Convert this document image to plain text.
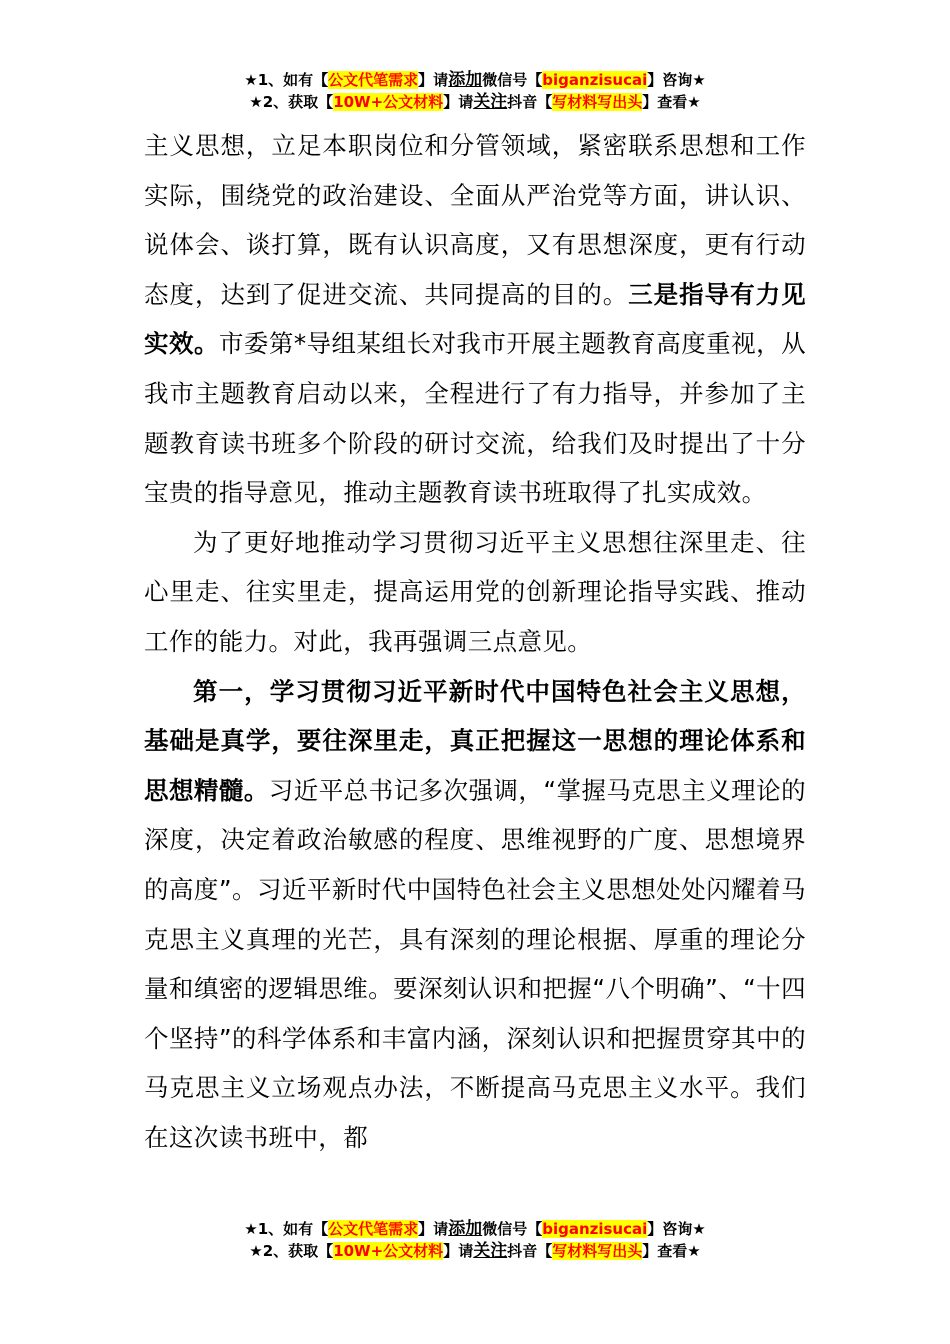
★1、如有【公文代笔需求】请添加微信号【biganzisucai】咨询★
★2、获取【10W+公文材料】请关注抖音【写材料写出头】查看★

主义思想，立足本职岗位和分管领域，紧密联系思想和工作实际，围绕党的政治建设、全面从严治党等方面，讲认识、说体会、谈打算，既有认识高度，又有思想深度，更有行动态度，达到了促进交流、共同提高的目的。三是指导有力见实效。市委第*导组某组长对我市开展主题教育高度重视，从我市主题教育启动以来，全程进行了有力指导，并参加了主题教育读书班多个阶段的研讨交流，给我们及时提出了十分宝贵的指导意见，推动主题教育读书班取得了扎实成效。

为了更好地推动学习贯彻习近平主义思想往深里走、往心里走、往实里走，提高运用党的创新理论指导实践、推动工作的能力。对此，我再强调三点意见。

第一，学习贯彻习近平新时代中国特色社会主义思想，基础是真学，要往深里走，真正把握这一思想的理论体系和思想精髓。习近平总书记多次强调，“掌握马克思主义理论的深度，决定着政治敏感的程度、思维视野的广度、思想境界的高度”。习近平新时代中国特色社会主义思想处处闪耀着马克思主义真理的光芒，具有深刻的理论根据、厚重的理论分量和缜密的逻辑思维。要深刻认识和把握“八个明确”、“十四个坚持”的科学体系和丰富内涵，深刻认识和把握贯穿其中的马克思主义立场观点办法，不断提高马克思主义水平。我们在这次读书班中，都

★1、如有【公文代笔需求】请添加微信号【biganzisucai】咨询★
★2、获取【10W+公文材料】请关注抖音【写材料写出头】查看★
